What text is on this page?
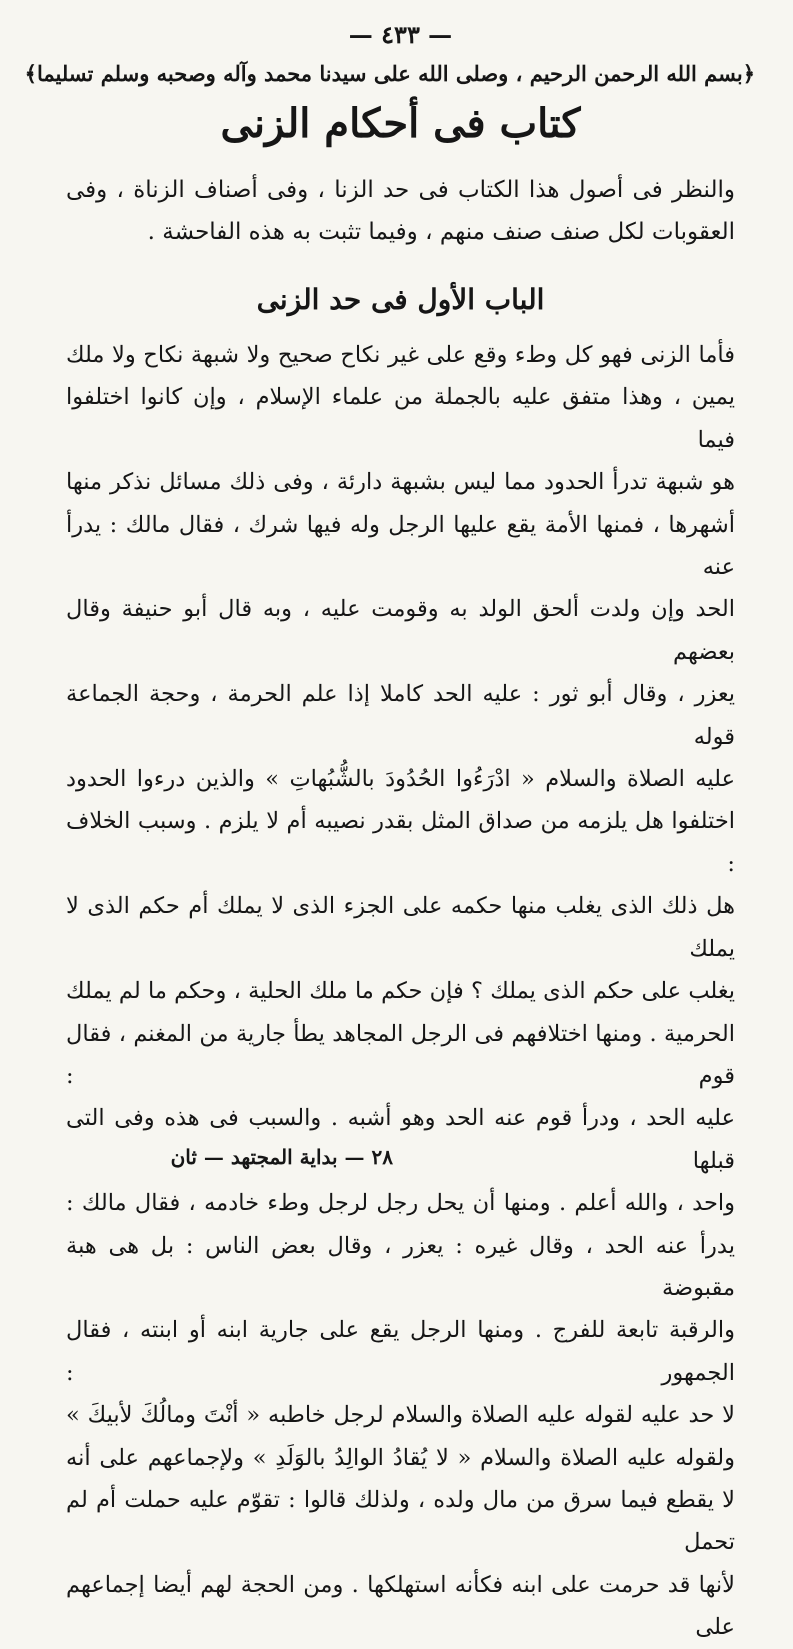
— ٤٣٣ —
﴿بسم الله الرحمن الرحيم ، وصلى الله على سيدنا محمد وآله وصحبه وسلم تسليما﴾
كتاب فى أحكام الزنى

والنظر فى أصول هذا الكتاب فى حد الزنا ، وفى أصناف الزناة ، وفى العقوبات لكل صنف صنف منهم ، وفيما تثبت به هذه الفاحشة .

الباب الأول فى حد الزنى

فأما الزنى فهو كل وطء وقع على غير نكاح صحيح ولا شبهة نكاح ولا ملك
يمين ، وهذا متفق عليه بالجملة من علماء الإسلام ، وإن كانوا اختلفوا فيما
هو شبهة تدرأ الحدود مما ليس بشبهة دارئة ، وفى ذلك مسائل نذكر منها
أشهرها ، فمنها الأمة يقع عليها الرجل وله فيها شرك ، فقال مالك : يدرأ عنه
الحد وإن ولدت ألحق الولد به وقومت عليه ، وبه قال أبو حنيفة وقال بعضهم
يعزر ، وقال أبو ثور : عليه الحد كاملا إذا علم الحرمة ، وحجة الجماعة قوله
عليه الصلاة والسلام « ادْرَءُوا الحُدُودَ بالشُّبُهاتِ » والذين درءوا الحدود
اختلفوا هل يلزمه من صداق المثل بقدر نصيبه أم لا يلزم . وسبب الخلاف :
هل ذلك الذى يغلب منها حكمه على الجزء الذى لا يملك أم حكم الذى لا يملك
يغلب على حكم الذى يملك ؟ فإن حكم ما ملك الحلية ، وحكم ما لم يملك
الحرمية . ومنها اختلافهم فى الرجل المجاهد يطأ جارية من المغنم ، فقال قوم :
عليه الحد ، ودرأ قوم عنه الحد وهو أشبه . والسبب فى هذه وفى التى قبلها
واحد ، والله أعلم . ومنها أن يحل رجل لرجل وطء خادمه ، فقال مالك :
يدرأ عنه الحد ، وقال غيره : يعزر ، وقال بعض الناس : بل هى هبة مقبوضة
والرقبة تابعة للفرج . ومنها الرجل يقع على جارية ابنه أو ابنته ، فقال الجمهور :
لا حد عليه لقوله عليه الصلاة والسلام لرجل خاطبه « أنْتَ ومالُكَ لأبيكَ »
ولقوله عليه الصلاة والسلام « لا يُقادُ الوالِدُ بالوَلَدِ » ولإجماعهم على أنه
لا يقطع فيما سرق من مال ولده ، ولذلك قالوا : تقوّم عليه حملت أم لم تحمل
لأنها قد حرمت على ابنه فكأنه استهلكها . ومن الحجة لهم أيضا إجماعهم على

٢٨ — بداية المجتهد — ثان
